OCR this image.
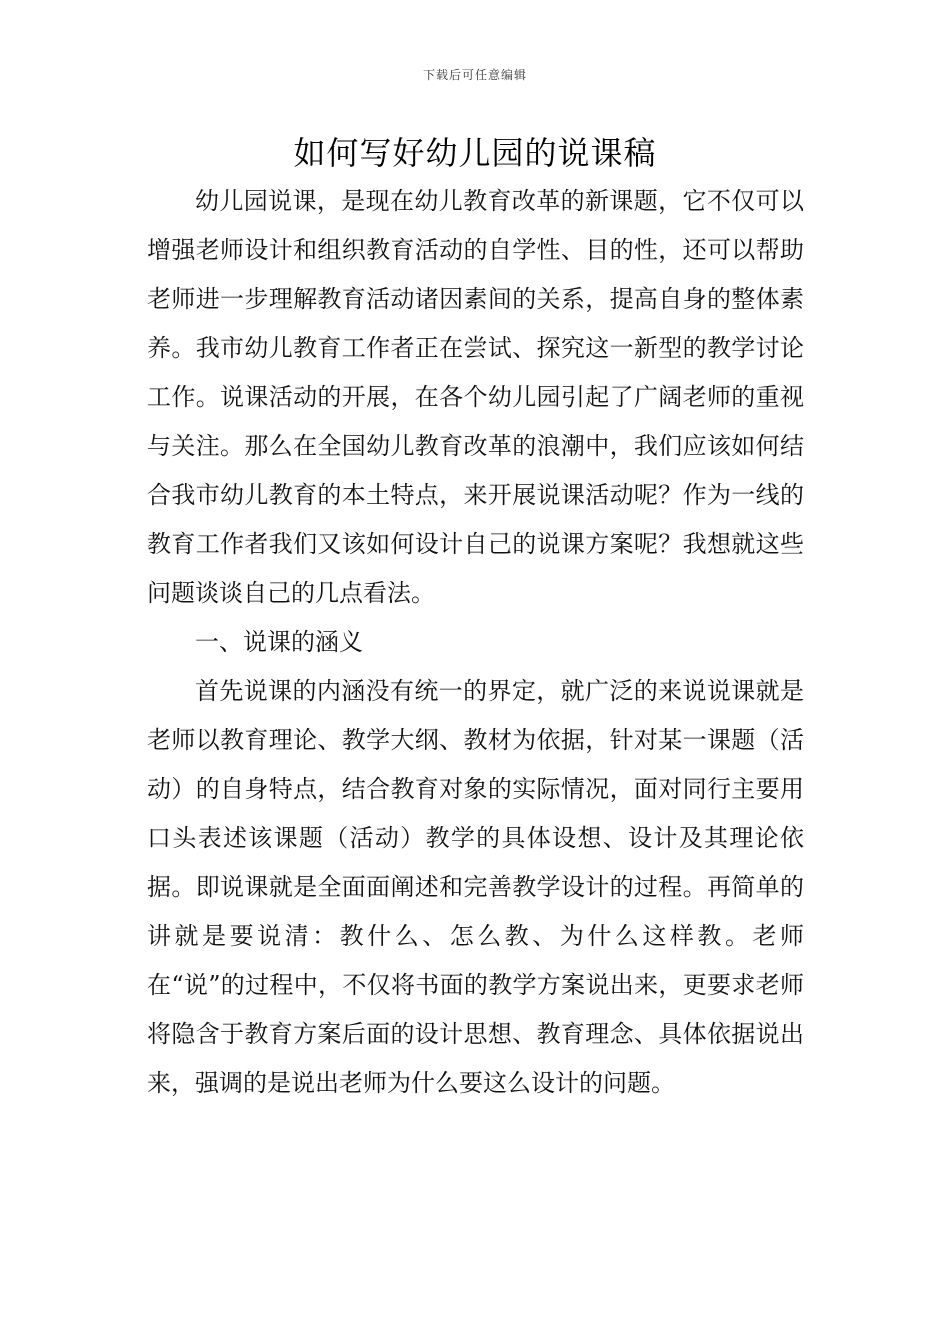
下载后可任意编辑
如何写好幼儿园的说课稿

幼儿园说课，是现在幼儿教育改革的新课题，它不仅可以增强老师设计和组织教育活动的自学性、目的性，还可以帮助老师进一步理解教育活动诸因素间的关系，提高自身的整体素养。我市幼儿教育工作者正在尝试、探究这一新型的教学讨论工作。说课活动的开展，在各个幼儿园引起了广阔老师的重视与关注。那么在全国幼儿教育改革的浪潮中，我们应该如何结合我市幼儿教育的本土特点，来开展说课活动呢？作为一线的教育工作者我们又该如何设计自己的说课方案呢？我想就这些问题谈谈自己的几点看法。

一、说课的涵义

首先说课的内涵没有统一的界定，就广泛的来说说课就是老师以教育理论、教学大纲、教材为依据，针对某一课题（活动）的自身特点，结合教育对象的实际情况，面对同行主要用口头表述该课题（活动）教学的具体设想、设计及其理论依据。即说课就是全面面阐述和完善教学设计的过程。再简单的讲就是要说清：教什么、怎么教、为什么这样教。老师在“说”的过程中，不仅将书面的教学方案说出来，更要求老师将隐含于教育方案后面的设计思想、教育理念、具体依据说出来，强调的是说出老师为什么要这么设计的问题。
